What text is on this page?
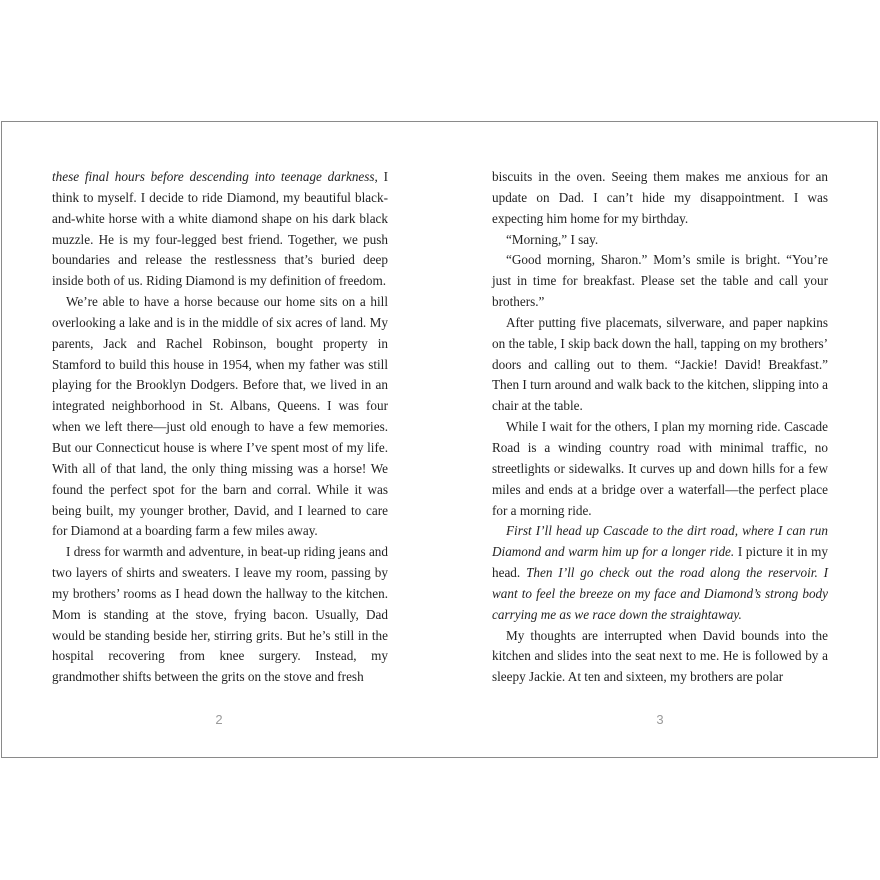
these final hours before descending into teenage darkness, I think to myself. I decide to ride Diamond, my beautiful black-and-white horse with a white diamond shape on his dark black muzzle. He is my four-legged best friend. Together, we push boundaries and release the restlessness that’s buried deep inside both of us. Riding Diamond is my definition of freedom.

We’re able to have a horse because our home sits on a hill overlooking a lake and is in the middle of six acres of land. My parents, Jack and Rachel Robinson, bought property in Stamford to build this house in 1954, when my father was still playing for the Brooklyn Dodgers. Before that, we lived in an integrated neighborhood in St. Albans, Queens. I was four when we left there—just old enough to have a few memories. But our Connecticut house is where I’ve spent most of my life. With all of that land, the only thing missing was a horse! We found the perfect spot for the barn and corral. While it was being built, my younger brother, David, and I learned to care for Diamond at a boarding farm a few miles away.

I dress for warmth and adventure, in beat-up riding jeans and two layers of shirts and sweaters. I leave my room, passing by my brothers’ rooms as I head down the hallway to the kitchen. Mom is standing at the stove, frying bacon. Usually, Dad would be standing beside her, stirring grits. But he’s still in the hospital recovering from knee surgery. Instead, my grandmother shifts between the grits on the stove and fresh

2

biscuits in the oven. Seeing them makes me anxious for an update on Dad. I can’t hide my disappointment. I was expecting him home for my birthday.

“Morning,” I say.

“Good morning, Sharon.” Mom’s smile is bright. “You’re just in time for breakfast. Please set the table and call your brothers.”

After putting five placemats, silverware, and paper napkins on the table, I skip back down the hall, tapping on my brothers’ doors and calling out to them. “Jackie! David! Breakfast.” Then I turn around and walk back to the kitchen, slipping into a chair at the table.

While I wait for the others, I plan my morning ride. Cascade Road is a winding country road with minimal traffic, no streetlights or sidewalks. It curves up and down hills for a few miles and ends at a bridge over a waterfall—the perfect place for a morning ride.

First I’ll head up Cascade to the dirt road, where I can run Diamond and warm him up for a longer ride. I picture it in my head. Then I’ll go check out the road along the reservoir. I want to feel the breeze on my face and Diamond’s strong body carrying me as we race down the straightaway.

My thoughts are interrupted when David bounds into the kitchen and slides into the seat next to me. He is followed by a sleepy Jackie. At ten and sixteen, my brothers are polar

3
